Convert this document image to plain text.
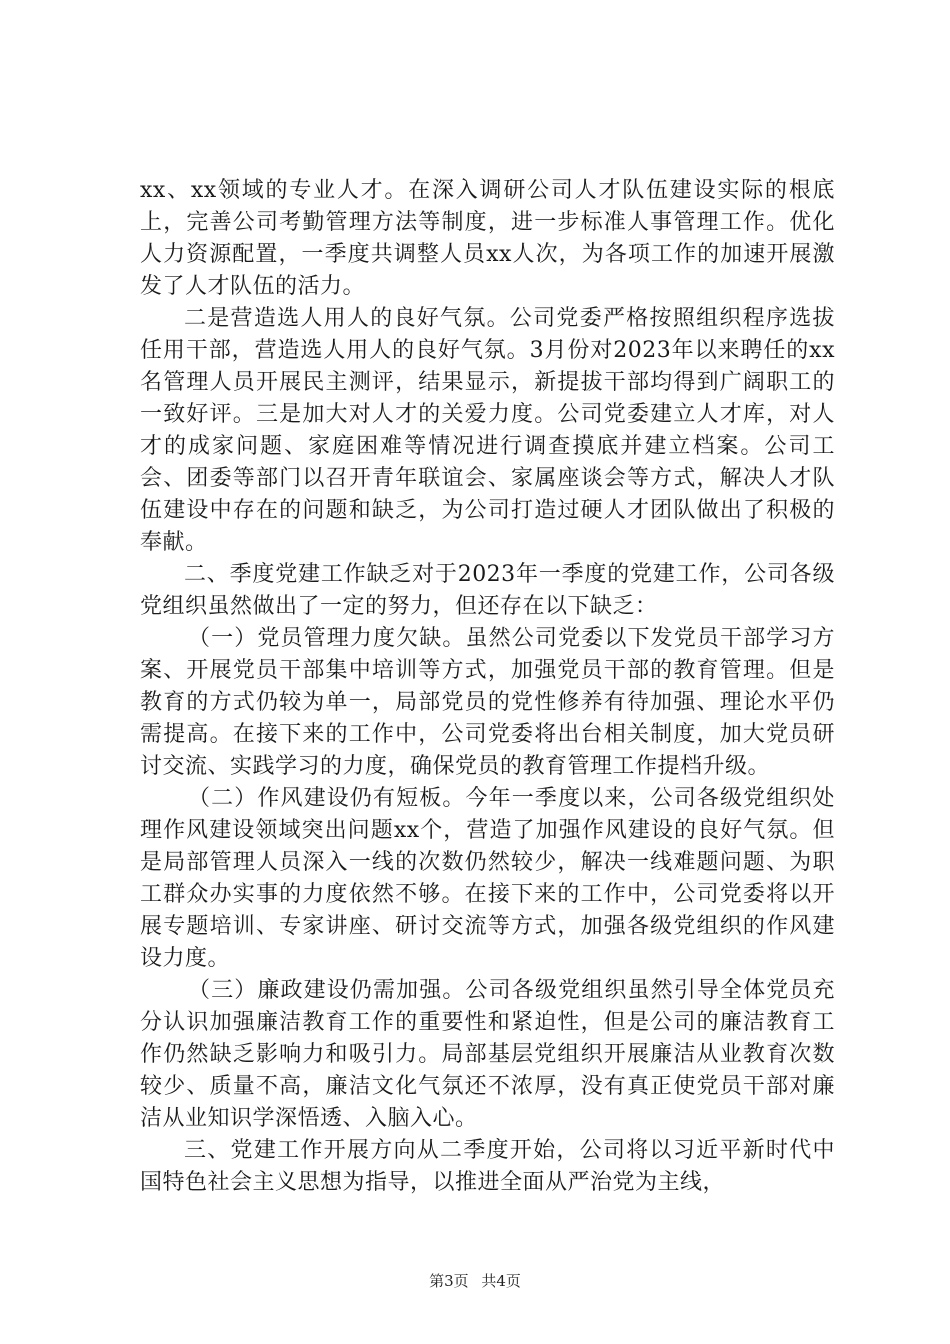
xx、xx领域的专业人才。在深入调研公司人才队伍建设实际的根底上，完善公司考勤管理方法等制度，进一步标准人事管理工作。优化人力资源配置，一季度共调整人员xx人次，为各项工作的加速开展激发了人才队伍的活力。

二是营造选人用人的良好气氛。公司党委严格按照组织程序选拔任用干部，营造选人用人的良好气氛。3月份对2023年以来聘任的xx名管理人员开展民主测评，结果显示，新提拔干部均得到广阔职工的一致好评。三是加大对人才的关爱力度。公司党委建立人才库，对人才的成家问题、家庭困难等情况进行调查摸底并建立档案。公司工会、团委等部门以召开青年联谊会、家属座谈会等方式，解决人才队伍建设中存在的问题和缺乏，为公司打造过硬人才团队做出了积极的奉献。

二、季度党建工作缺乏对于2023年一季度的党建工作，公司各级党组织虽然做出了一定的努力，但还存在以下缺乏：

（一）党员管理力度欠缺。虽然公司党委以下发党员干部学习方案、开展党员干部集中培训等方式，加强党员干部的教育管理。但是教育的方式仍较为单一，局部党员的党性修养有待加强、理论水平仍需提高。在接下来的工作中，公司党委将出台相关制度，加大党员研讨交流、实践学习的力度，确保党员的教育管理工作提档升级。

（二）作风建设仍有短板。今年一季度以来，公司各级党组织处理作风建设领域突出问题xx个，营造了加强作风建设的良好气氛。但是局部管理人员深入一线的次数仍然较少，解决一线难题问题、为职工群众办实事的力度依然不够。在接下来的工作中，公司党委将以开展专题培训、专家讲座、研讨交流等方式，加强各级党组织的作风建设力度。

（三）廉政建设仍需加强。公司各级党组织虽然引导全体党员充分认识加强廉洁教育工作的重要性和紧迫性，但是公司的廉洁教育工作仍然缺乏影响力和吸引力。局部基层党组织开展廉洁从业教育次数较少、质量不高，廉洁文化气氛还不浓厚，没有真正使党员干部对廉洁从业知识学深悟透、入脑入心。

三、党建工作开展方向从二季度开始，公司将以习近平新时代中国特色社会主义思想为指导，以推进全面从严治党为主线，

第3页 共4页
